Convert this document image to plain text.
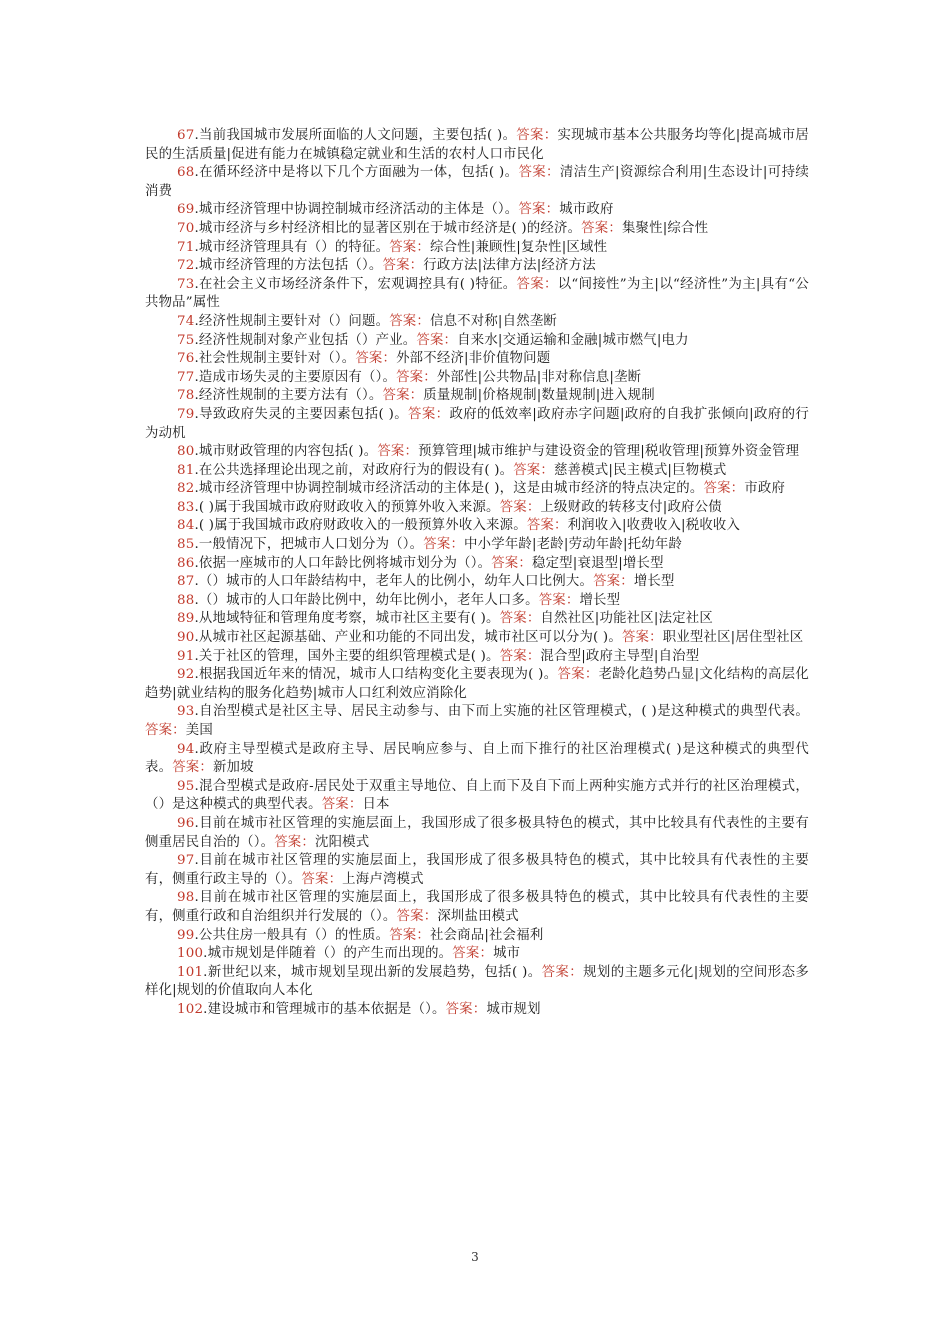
67.当前我国城市发展所面临的人文问题，主要包括( )。答案：实现城市基本公共服务均等化|提高城市居民的生活质量|促进有能力在城镇稳定就业和生活的农村人口市民化
68.在循环经济中是将以下几个方面融为一体，包括( )。答案：清洁生产|资源综合利用|生态设计|可持续消费
69.城市经济管理中协调控制城市经济活动的主体是（）。答案：城市政府
70.城市经济与乡村经济相比的显著区别在于城市经济是( )的经济。答案：集聚性|综合性
71.城市经济管理具有（）的特征。答案：综合性|兼顾性|复杂性|区域性
72.城市经济管理的方法包括（）。答案：行政方法|法律方法|经济方法
73.在社会主义市场经济条件下，宏观调控具有( )特征。答案：以“间接性”为主|以“经济性”为主|具有“公共物品”属性
74.经济性规制主要针对（）问题。答案：信息不对称|自然垄断
75.经济性规制对象产业包括（）产业。答案：自来水|交通运输和金融|城市燃气|电力
76.社会性规制主要针对（）。答案：外部不经济|非价值物问题
77.造成市场失灵的主要原因有（）。答案：外部性|公共物品|非对称信息|垄断
78.经济性规制的主要方法有（）。答案：质量规制|价格规制|数量规制|进入规制
79.导致政府失灵的主要因素包括( )。答案：政府的低效率|政府赤字问题|政府的自我扩张倾向|政府的行为动机
80.城市财政管理的内容包括( )。答案：预算管理|城市维护与建设资金的管理|税收管理|预算外资金管理
81.在公共选择理论出现之前，对政府行为的假设有( )。答案：慈善模式|民主模式|巨物模式
82.城市经济管理中协调控制城市经济活动的主体是( )，这是由城市经济的特点决定的。答案：市政府
83.( )属于我国城市政府财政收入的预算外收入来源。答案：上级财政的转移支付|政府公债
84.( )属于我国城市政府财政收入的一般预算外收入来源。答案：利润收入|收费收入|税收收入
85.一般情况下，把城市人口划分为（）。答案：中小学年龄|老龄|劳动年龄|托幼年龄
86.依据一座城市的人口年龄比例将城市划分为（）。答案：稳定型|衰退型|增长型
87.（）城市的人口年龄结构中，老年人的比例小，幼年人口比例大。答案：增长型
88.（）城市的人口年龄比例中，幼年比例小，老年人口多。答案：增长型
89.从地域特征和管理角度考察，城市社区主要有( )。答案：自然社区|功能社区|法定社区
90.从城市社区起源基础、产业和功能的不同出发，城市社区可以分为( )。答案：职业型社区|居住型社区
91.关于社区的管理，国外主要的组织管理模式是( )。答案：混合型|政府主导型|自治型
92.根据我国近年来的情况，城市人口结构变化主要表现为( )。答案：老龄化趋势凸显|文化结构的高层化趋势|就业结构的服务化趋势|城市人口红利效应消除化
93.自治型模式是社区主导、居民主动参与、由下而上实施的社区管理模式，( )是这种模式的典型代表。答案：美国
94.政府主导型模式是政府主导、居民响应参与、自上而下推行的社区治理模式( )是这种模式的典型代表。答案：新加坡
95.混合型模式是政府-居民处于双重主导地位、自上而下及自下而上两种实施方式并行的社区治理模式，（）是这种模式的典型代表。答案：日本
96.目前在城市社区管理的实施层面上，我国形成了很多极具特色的模式，其中比较具有代表性的主要有侧重居民自治的（）。答案：沈阳模式
97.目前在城市社区管理的实施层面上，我国形成了很多极具特色的模式，其中比较具有代表性的主要有，侧重行政主导的（）。答案：上海卢湾模式
98.目前在城市社区管理的实施层面上，我国形成了很多极具特色的模式，其中比较具有代表性的主要有，侧重行政和自治组织并行发展的（）。答案：深圳盐田模式
99.公共住房一般具有（）的性质。答案：社会商品|社会福利
100.城市规划是伴随着（）的产生而出现的。答案：城市
101.新世纪以来，城市规划呈现出新的发展趋势，包括( )。答案：规划的主题多元化|规划的空间形态多样化|规划的价值取向人本化
102.建设城市和管理城市的基本依据是（）。答案：城市规划
3
